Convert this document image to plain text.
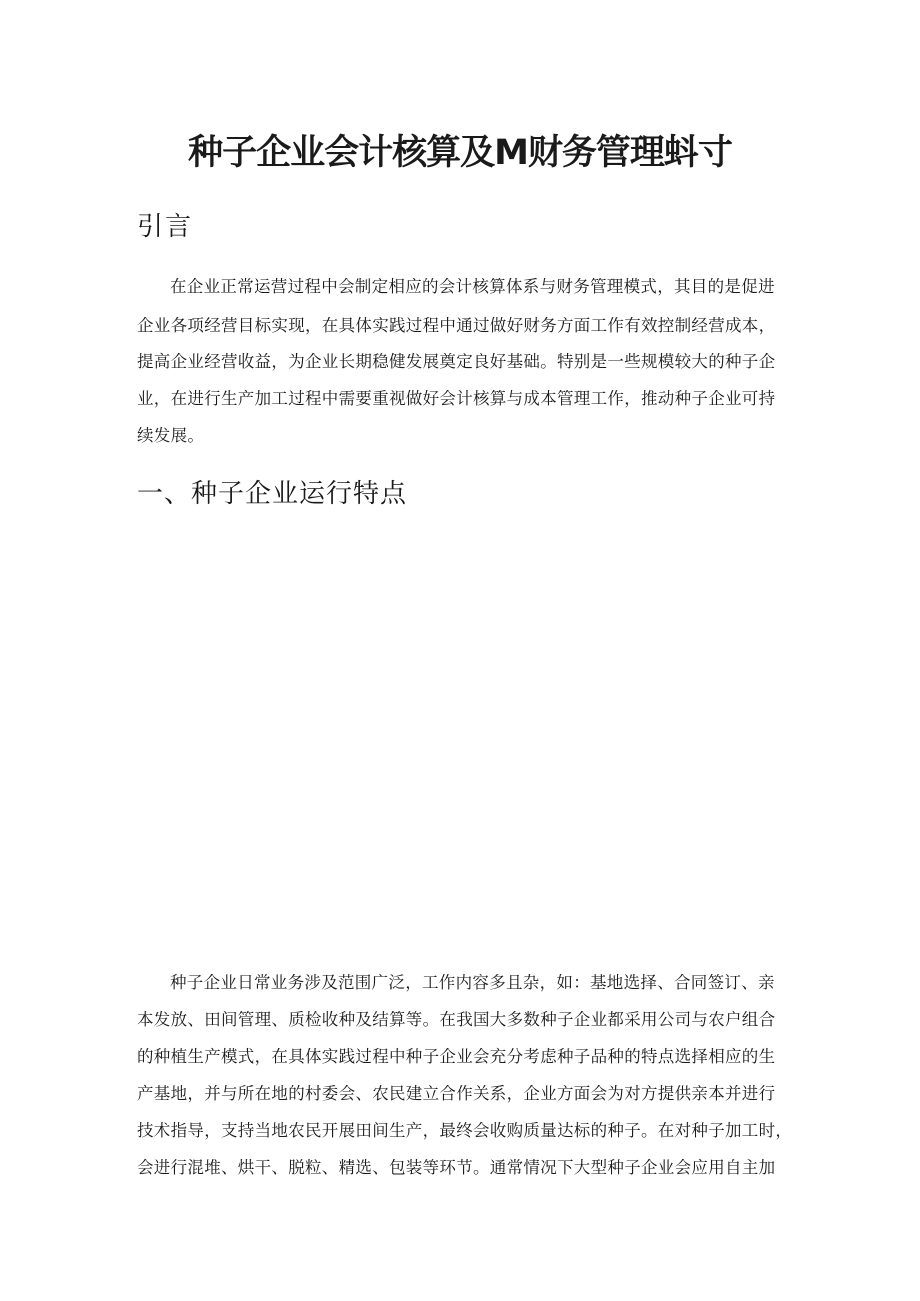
种子企业会计核算及M财务管理蚪寸
引言
在企业正常运营过程中会制定相应的会计核算体系与财务管理模式，其目的是促进
企业各项经营目标实现，在具体实践过程中通过做好财务方面工作有效控制经营成本，
提高企业经营收益，为企业长期稳健发展奠定良好基础。特别是一些规模较大的种子企
业，在进行生产加工过程中需要重视做好会计核算与成本管理工作，推动种子企业可持
续发展。
一、种子企业运行特点
种子企业日常业务涉及范围广泛，工作内容多且杂，如：基地选择、合同签订、亲
本发放、田间管理、质检收种及结算等。在我国大多数种子企业都采用公司与农户组合
的种植生产模式，在具体实践过程中种子企业会充分考虑种子品种的特点选择相应的生
产基地，并与所在地的村委会、农民建立合作关系，企业方面会为对方提供亲本并进行
技术指导，支持当地农民开展田间生产，最终会收购质量达标的种子。在对种子加工时，
会进行混堆、烘干、脱粒、精选、包装等环节。通常情况下大型种子企业会应用自主加
